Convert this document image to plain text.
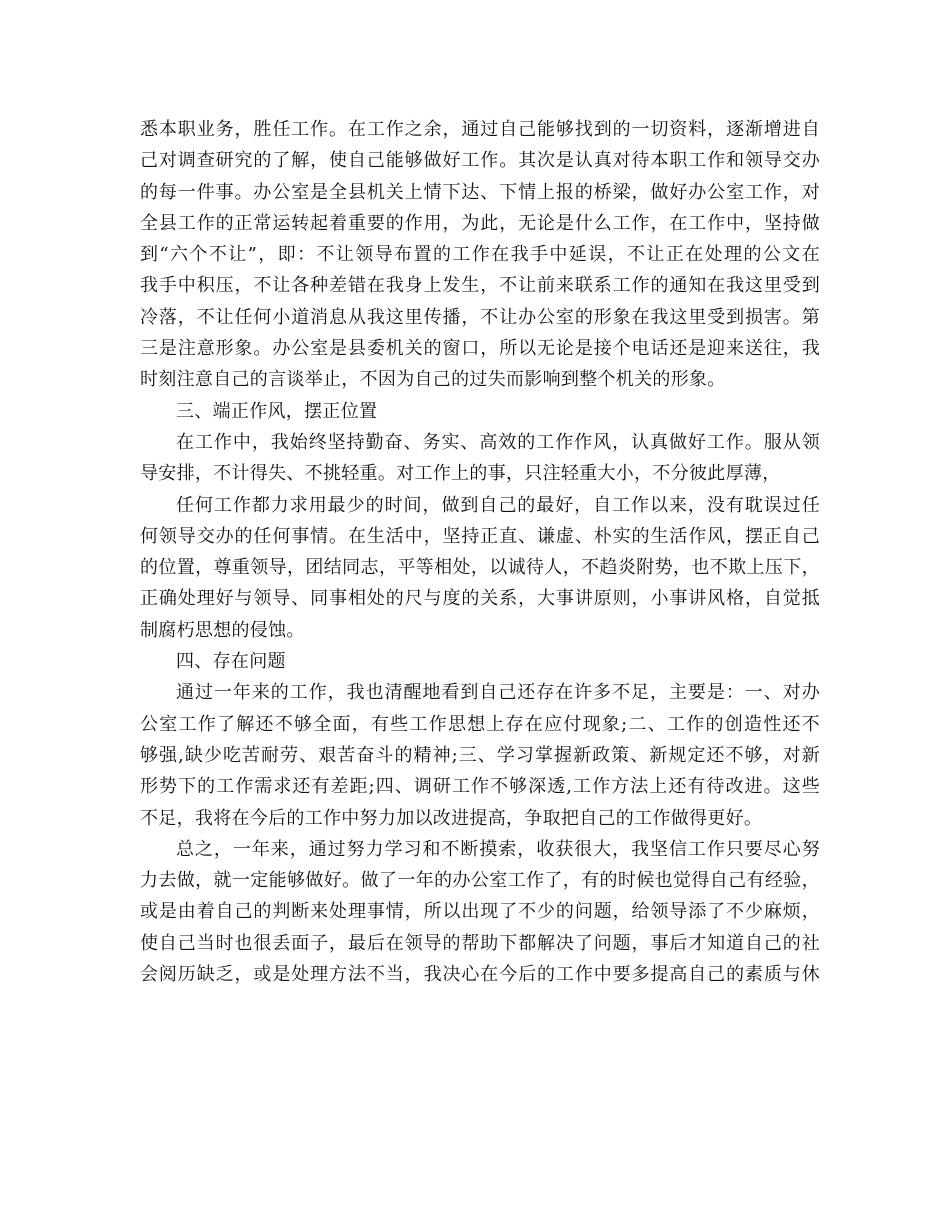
悉本职业务，胜任工作。在工作之余，通过自己能够找到的一切资料，逐渐增进自
己对调查研究的了解，使自己能够做好工作。其次是认真对待本职工作和领导交办
的每一件事。办公室是全县机关上情下达、下情上报的桥梁，做好办公室工作，对
全县工作的正常运转起着重要的作用，为此，无论是什么工作，在工作中，坚持做
到“六个不让”，即：不让领导布置的工作在我手中延误，不让正在处理的公文在
我手中积压，不让各种差错在我身上发生，不让前来联系工作的通知在我这里受到
冷落，不让任何小道消息从我这里传播，不让办公室的形象在我这里受到损害。第
三是注意形象。办公室是县委机关的窗口，所以无论是接个电话还是迎来送往，我
时刻注意自己的言谈举止，不因为自己的过失而影响到整个机关的形象。
三、端正作风，摆正位置
在工作中，我始终坚持勤奋、务实、高效的工作作风，认真做好工作。服从领
导安排，不计得失、不挑轻重。对工作上的事，只注轻重大小，不分彼此厚薄，
任何工作都力求用最少的时间，做到自己的最好，自工作以来，没有耽误过任
何领导交办的任何事情。在生活中，坚持正直、谦虚、朴实的生活作风，摆正自己
的位置，尊重领导，团结同志，平等相处，以诚待人，不趋炎附势，也不欺上压下，
正确处理好与领导、同事相处的尺与度的关系，大事讲原则，小事讲风格，自觉抵
制腐朽思想的侵蚀。
四、存在问题
通过一年来的工作，我也清醒地看到自己还存在许多不足，主要是：一、对办
公室工作了解还不够全面，有些工作思想上存在应付现象;二、工作的创造性还不
够强,缺少吃苦耐劳、艰苦奋斗的精神;三、学习掌握新政策、新规定还不够，对新
形势下的工作需求还有差距;四、调研工作不够深透,工作方法上还有待改进。这些
不足，我将在今后的工作中努力加以改进提高，争取把自己的工作做得更好。
总之，一年来，通过努力学习和不断摸索，收获很大，我坚信工作只要尽心努
力去做，就一定能够做好。做了一年的办公室工作了，有的时候也觉得自己有经验，
或是由着自己的判断来处理事情，所以出现了不少的问题，给领导添了不少麻烦，
使自己当时也很丢面子，最后在领导的帮助下都解决了问题，事后才知道自己的社
会阅历缺乏，或是处理方法不当，我决心在今后的工作中要多提高自己的素质与休
